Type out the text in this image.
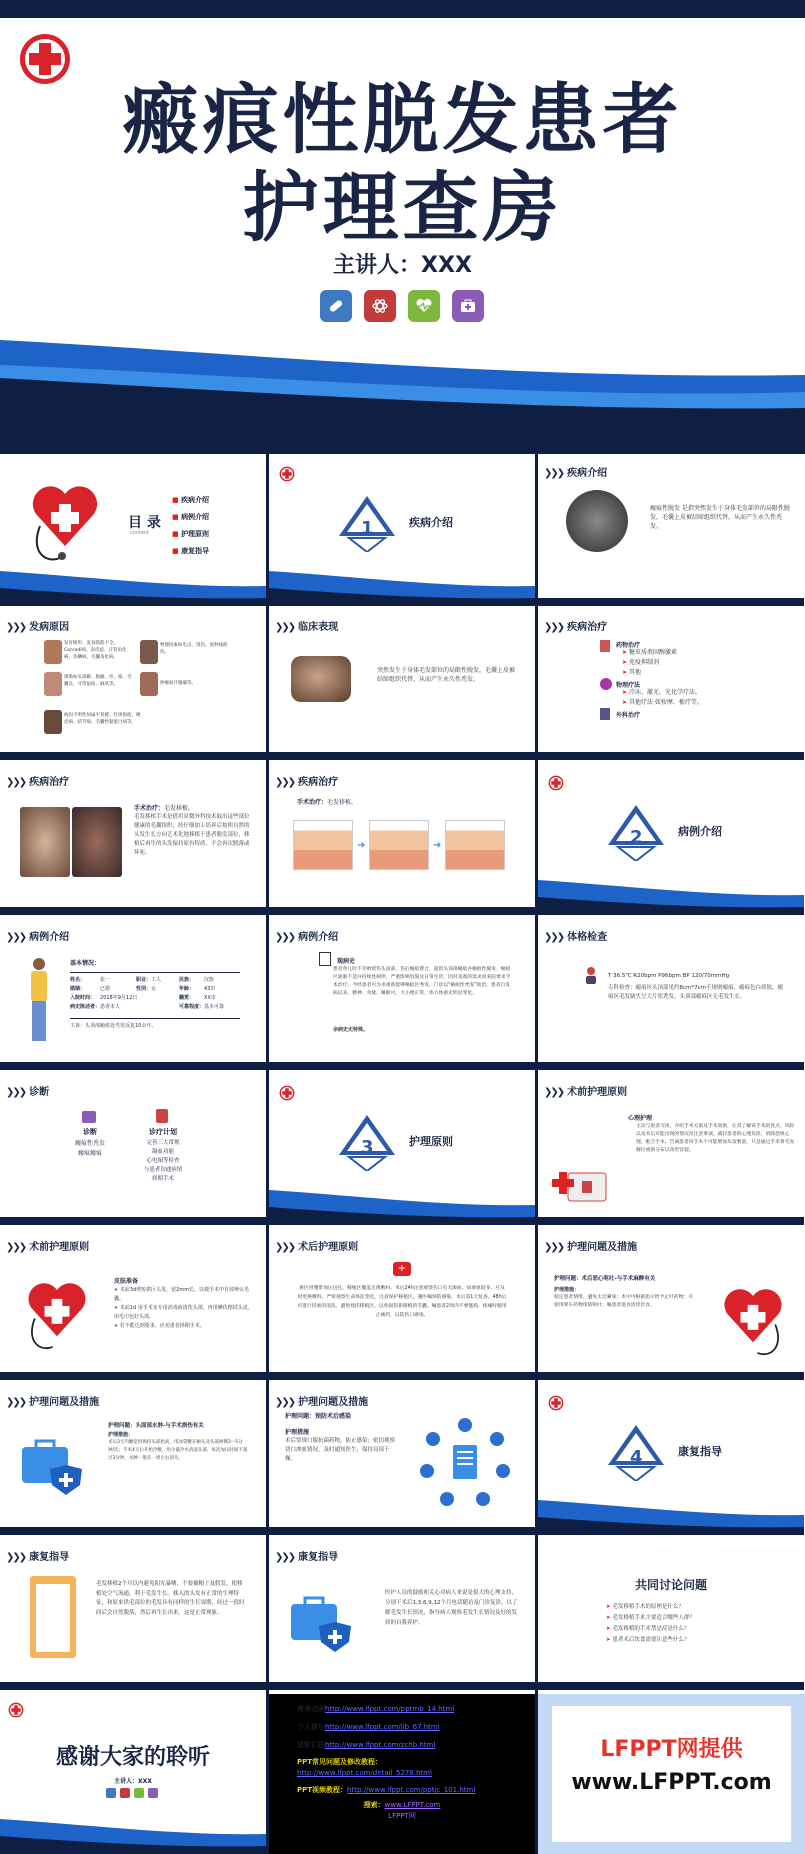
瘢痕性脱发患者
护理查房
主讲人：XXX
目 录
content
■ 疾病介绍
■ 病例介绍
■ 护理原则
■ 康复指导
1	疾病介绍
❯❯❯ 疾病介绍
瘢痕性脱发 是指突然发生于身体毛发部位的局限性脱发，毛囊上皮被结缔组织代替，从而产生永久性秃发。
❯❯❯ 发病原因
发育畸形、发育缺陷不全、Conradi病、表皮痣、汗管角化病、鱼鳞病、毛囊角化病。
物理因素如电击、烫伤、放射线损伤。
感染如头部癣、脓癣、疖、痈、毛囊炎、寻常狼疮、麻风等。	肿瘤如汗腺瘤等。
病因不明性如扁平苔藓、红斑狼疮、硬皮病、结节病、毛囊性黏蛋白病等。
❯❯❯ 临床表现
突然发生于身体毛发部位的局限性脱发，毛囊上皮被结缔组织代替，从而产生永久性秃发。
❯❯❯ 疾病治疗
药物治疗
➤ 糖皮质类固醇激素
➤ 免疫抑制剂
➤ 其他
物理疗法
➤ 冷冻、激光、光化学疗法。
➤ 其他疗法 如按摩、梳疗等。
外科治疗
❯❯❯ 疾病治疗
手术治疗：毛发移植。
毛发移植手术是借用显微外科技术取出这些部位健康的毛囊组织，经仔细加工培养后按照自然的头发生长方向艺术化地移植于患者脱发部位，移植后再生的头发保持原有特质，不会再次脱落或坏死。
❯❯❯ 疾病治疗
手术治疗：毛发移植。
➜	➜	2	病例介绍
❯❯❯ 病例介绍
基本情况：
姓名：	张一	职业：	工人	民族：	汉族
婚姻：	已婚	性别：	女	年龄：	43岁
入院时间：	2018年9月12日			籍贯：	XX市
病史陈述者：	患者本人			可靠程度：	基本可靠
主诉：头顶部瘢痕处秃发反复10余年。
❯❯❯ 病例介绍
现病史
患者曾几时不幸被烧伤头顶部，伤后瘢痕愈合，遗留头顶部瘢痕并瘢痕性脱发，瘢痕区逐渐不适并持续性刺痒，严重影响容貌及日常生活，因对美观的需求而来院要求手术治疗。今经患者可为求重新能够瘢痕区秀发，门诊以"瘢痕性秃发"收治。患者自发病以来，精神、食欲、睡眠可，大小便正常，体力体重无明显变化。
余病史无特殊。
❯❯❯ 体格检查
T 36.5℃ R20bpm P96bpm BP 120/70mmHg
专科检查：瘢痕区头顶部见约8cm*7cm不规则瘢痕，瘢痕色白质软，瘢痕区毛发缺失呈大片状秃发，头顶部瘢痕区无毛发生长。
❯❯❯ 诊断
诊断
瘢痕性秃发
瘢痕瘢痕
诊疗计划
完善三大常规
凝血功能
心电图等检查
与患者沟通病情
择期手术
3	护理原则
❯❯❯ 术前护理原则
心理护理
主动与患者交谈，介绍手术方案及手术效果，让其了解该手术的优点、风险以及术后可能出现的情况及注意事项，减轻患者的心理负担，消除恐惧心理，配合手术。告诫患者该手术不可能增加头发数量，只是通过手术将毛发移位重新分布以改善容貌。
❯❯❯ 术前护理原则
皮肤准备
➤ 术前3d剪短供区头发，留2mm长，以便手术中有效辨认毛囊。
➤ 术前1d 用手术室专用消毒液清洗头部，再用碘伏擦拭头皮，用毛巾包好头部。
➤ 若不能达到要求，应劝患者择期手术。
❯❯❯ 术后护理原则
+
供区用绷带加压包扎，移植区覆盖无菌敷料。术后24h注意观察伤口有无渗血。如渗血较多，应及时更换敷料。严密观察生命体征变化。注意保护移植区。遵医嘱预防感染，术后第1天复查。48h后可进行轻柔的清洗，避免揉搓移植区，以免损伤新移植的毛囊。嘱患者2周内不要搔抓，疼痛时服用止痛药，以防伤口感染。
❯❯❯ 护理问题及措施
护理问题：术后恶心呕吐-与手术麻醉有关
护理措施：
稳定患者情绪，避免太过紧张；术中可根据指示给予止吐药物；可使用晕车药物预防呕吐；嘱患者进食清淡饮食。
❯❯❯ 护理问题及措施
护理问题：头面部水肿-与手术损伤有关
护理措施：
术后3天内睡觉时保持头部抬高，用冰袋敷在额头及头部两侧3～5分钟/次；手术4天后开始冷敷，用少量冷水清洗头部，每次加压时间不超过3分钟，水肿一般在一周左右消失。
❯❯❯ 护理问题及措施
护理问题：预防术后感染
护理措施
术后常规口服抗菌药物，防止感染；密切观察切口渗血情况，及时通知医生，保持局部干燥。	4	康复指导
❯❯❯ 康复指导
毛发移植2个月以内避免阳光暴晒，不要戴帽子及假发，使移植处空气流通，利于毛发生长。移入的头发有正常的生理特征，和原来供毛部位的毛发具有同样的生长周期，经过一段时间后会自然脱落，然后再生长出来。这是正常现象。
❯❯❯ 康复指导
医护人员的鼓励和关心对病人来说是很大的心理支持，分别于术后1,3,6,9,12个月电话随访及门诊复诊，以了解毛发生长情况，指导病人观察毛发生长情况及好的发质的自我养护。
共同讨论问题
➤ 毛发移植手术的原理是什么？
➤ 毛发移植手术主要适合哪些人群？
➤ 毛发移植的手术禁忌症是什么？
➤ 患者术后饮食需要注意些什么？
感谢大家的聆听
主讲人：XXX
商务动画http://www.lfppt.com/pptmb_14.html
个人简历http://www.lfppt.com/jlb_67.html
述职汇报http://www.lfppt.com/zchb.html
PPT常见问题及修改教程：
http://www.lfppt.com/detail_5278.html
PPT视频教程：http://www.lfppt.com/pptjc_101.html
搜索：www.LFPPT.com
LFPPT网
LFPPT网提供
www.LFPPT.com
